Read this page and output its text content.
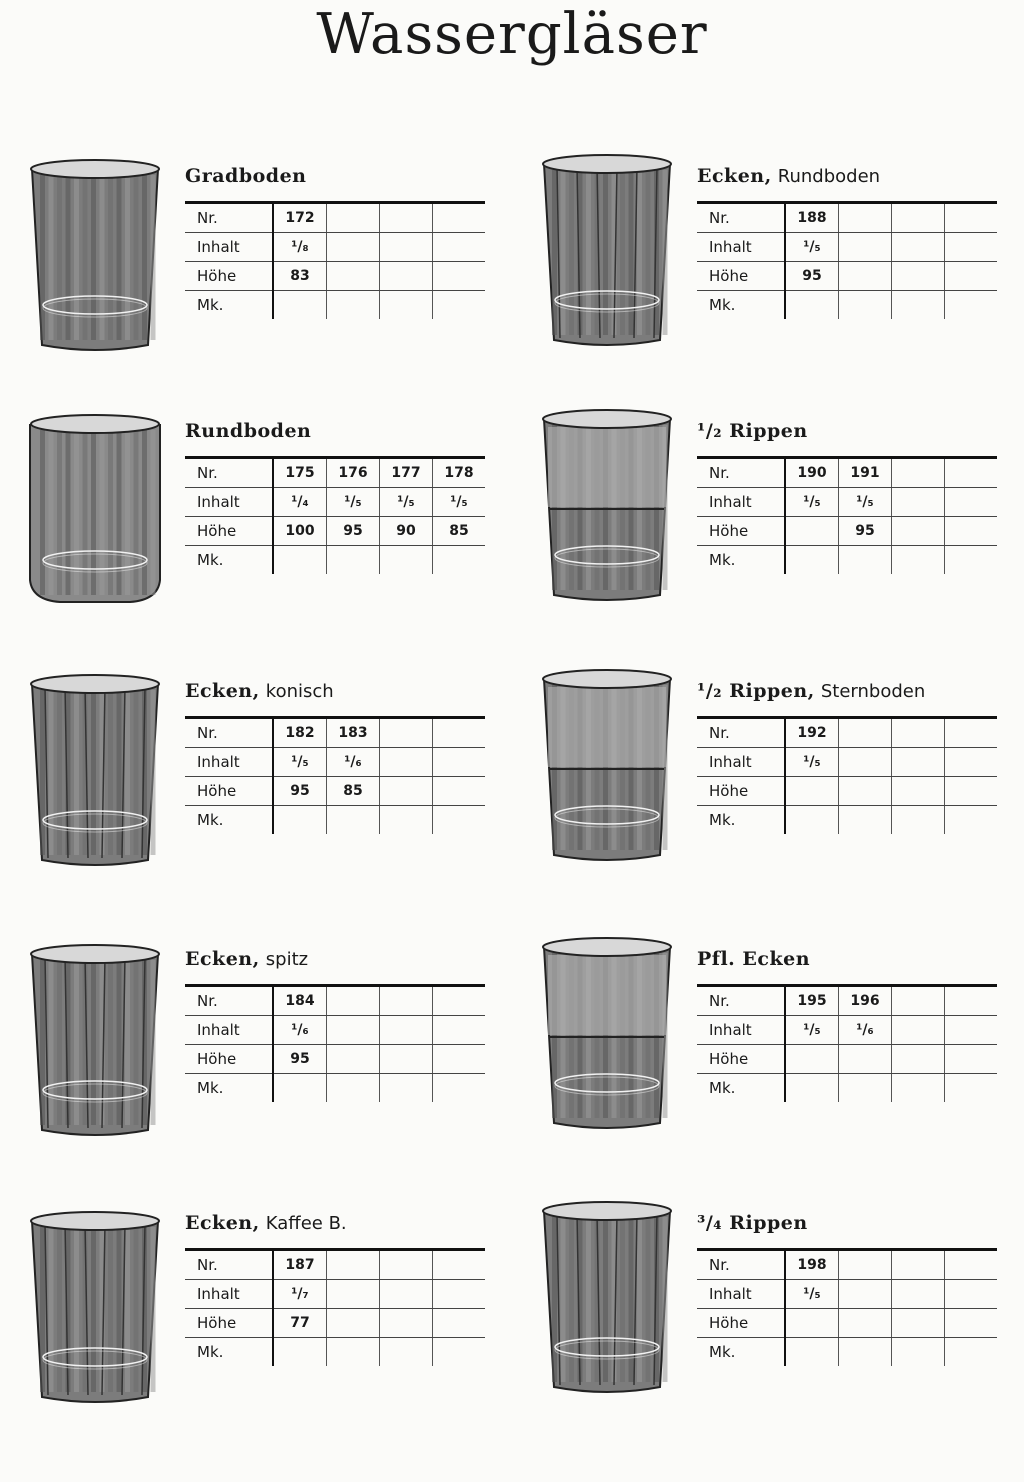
Wassergläser
Gradboden
Nr.	172			
Inhalt	¹/₈			
Höhe	83			
Mk.				
Ecken, Rundboden
Nr.	188			
Inhalt	¹/₅			
Höhe	95			
Mk.				
Rundboden
Nr.	175	176	177	178
Inhalt	¹/₄	¹/₅	¹/₅	¹/₅
Höhe	100	95	90	85
Mk.				
¹/₂ Rippen
Nr.	190	191		
Inhalt	¹/₅	¹/₅		
Höhe		95		
Mk.				
Ecken, konisch
Nr.	182	183		
Inhalt	¹/₅	¹/₆		
Höhe	95	85		
Mk.				
¹/₂ Rippen, Sternboden
Nr.	192			
Inhalt	¹/₅			
Höhe				
Mk.				
Ecken, spitz
Nr.	184			
Inhalt	¹/₆			
Höhe	95			
Mk.				
Pfl. Ecken
Nr.	195	196		
Inhalt	¹/₅	¹/₆		
Höhe				
Mk.				
Ecken, Kaffee B.
Nr.	187			
Inhalt	¹/₇			
Höhe	77			
Mk.				
³/₄ Rippen
Nr.	198			
Inhalt	¹/₅			
Höhe				
Mk.				
